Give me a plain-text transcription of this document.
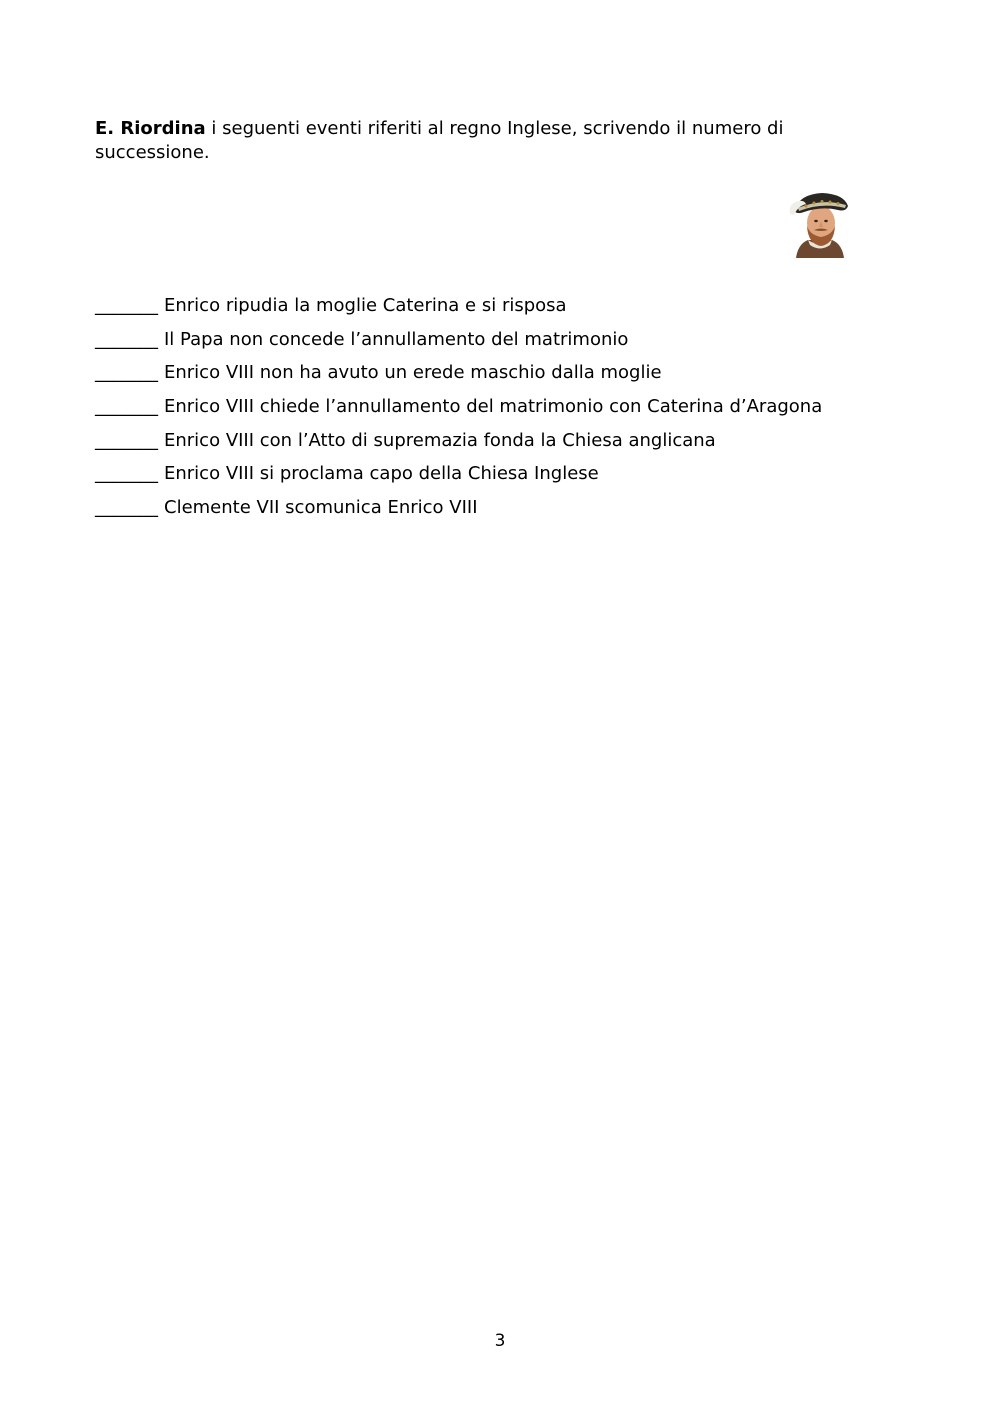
E. Riordina i seguenti eventi riferiti al regno Inglese, scrivendo il numero di successione.

_______ Enrico ripudia la moglie Caterina e si risposa
_______ Il Papa non concede l’annullamento del matrimonio
_______ Enrico VIII non ha avuto un erede maschio dalla moglie
_______ Enrico VIII chiede l’annullamento del matrimonio con Caterina d’Aragona
_______ Enrico VIII con l’Atto di supremazia fonda la Chiesa anglicana
_______ Enrico VIII si proclama capo della Chiesa Inglese
_______ Clemente VII scomunica Enrico VIII
3
